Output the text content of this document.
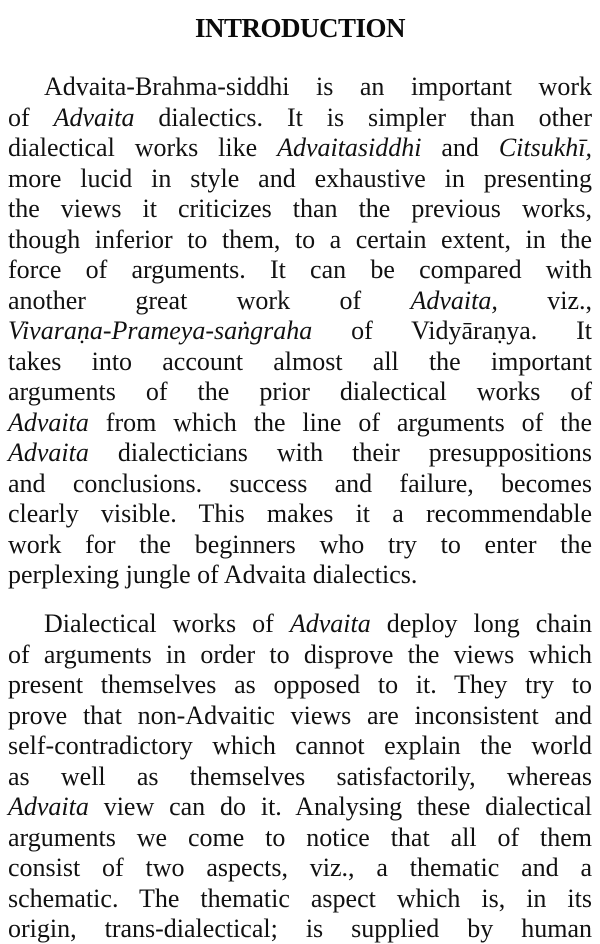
INTRODUCTION
Advaita-Brahma-siddhi is an important work
of Advaita dialectics. It is simpler than other
dialectical works like Advaitasiddhi and Citsukhī,
more lucid in style and exhaustive in presenting
the views it criticizes than the previous works,
though inferior to them, to a certain extent, in the
force of arguments. It can be compared with
another great work of Advaita, viz.,
Vivaraṇa-Prameya-saṅgraha of Vidyāraṇya. It
takes into account almost all the important
arguments of the prior dialectical works of
Advaita from which the line of arguments of the
Advaita dialecticians with their presuppositions
and conclusions. success and failure, becomes
clearly visible. This makes it a recommendable
work for the beginners who try to enter the
perplexing jungle of Advaita dialectics.
Dialectical works of Advaita deploy long chain
of arguments in order to disprove the views which
present themselves as opposed to it. They try to
prove that non-Advaitic views are inconsistent and
self-contradictory which cannot explain the world
as well as themselves satisfactorily, whereas
Advaita view can do it. Analysing these dialectical
arguments we come to notice that all of them
consist of two aspects, viz., a thematic and a
schematic. The thematic aspect which is, in its
origin, trans-dialectical; is supplied by human
